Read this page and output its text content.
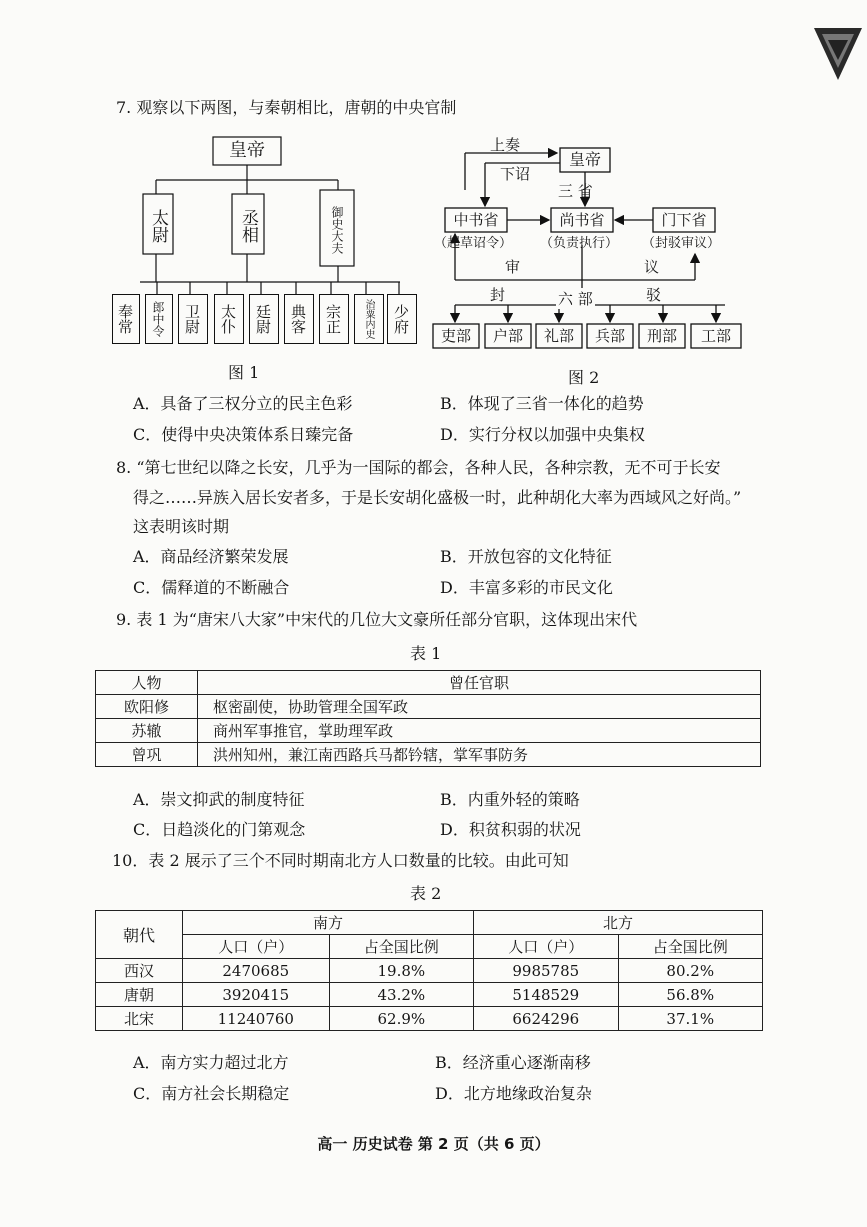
7. 观察以下两图，与秦朝相比，唐朝的中央官制
皇帝
太尉	丞相	御史大夫
奉常	郎中令	卫尉	太仆	廷尉	典客	宗正	治粟内史	少府
图 1
上奏
皇帝
下诏
三 省
中书省	尚书省	门下省
（起草诏令） （负责执行） （封驳审议）
审	议
封	六 部	驳
吏部	户部	礼部	兵部	刑部	工部
图 2
A．具备了三权分立的民主色彩	B．体现了三省一体化的趋势
C．使得中央决策体系日臻完备	D．实行分权以加强中央集权
8. “第七世纪以降之长安，几乎为一国际的都会，各种人民，各种宗教，无不可于长安
得之……异族入居长安者多，于是长安胡化盛极一时，此种胡化大率为西域风之好尚。”
这表明该时期
A．商品经济繁荣发展	B．开放包容的文化特征
C．儒释道的不断融合	D．丰富多彩的市民文化
9. 表 1 为“唐宋八大家”中宋代的几位大文豪所任部分官职，这体现出宋代
表 1
人物	曾任官职
欧阳修	枢密副使，协助管理全国军政
苏辙	商州军事推官，掌助理军政
曾巩	洪州知州，兼江南西路兵马都钤辖，掌军事防务
A．崇文抑武的制度特征	B．内重外轻的策略
C．日趋淡化的门第观念	D．积贫积弱的状况
10．表 2 展示了三个不同时期南北方人口数量的比较。由此可知
表 2
朝代	南方		北方	
	人口（户）	占全国比例	人口（户）	占全国比例
西汉	2470685	19.8%	9985785	80.2%
唐朝	3920415	43.2%	5148529	56.8%
北宋	11240760	62.9%	6624296	37.1%
A．南方实力超过北方	B．经济重心逐渐南移
C．南方社会长期稳定	D．北方地缘政治复杂
高一 历史试卷 第 2 页（共 6 页）
